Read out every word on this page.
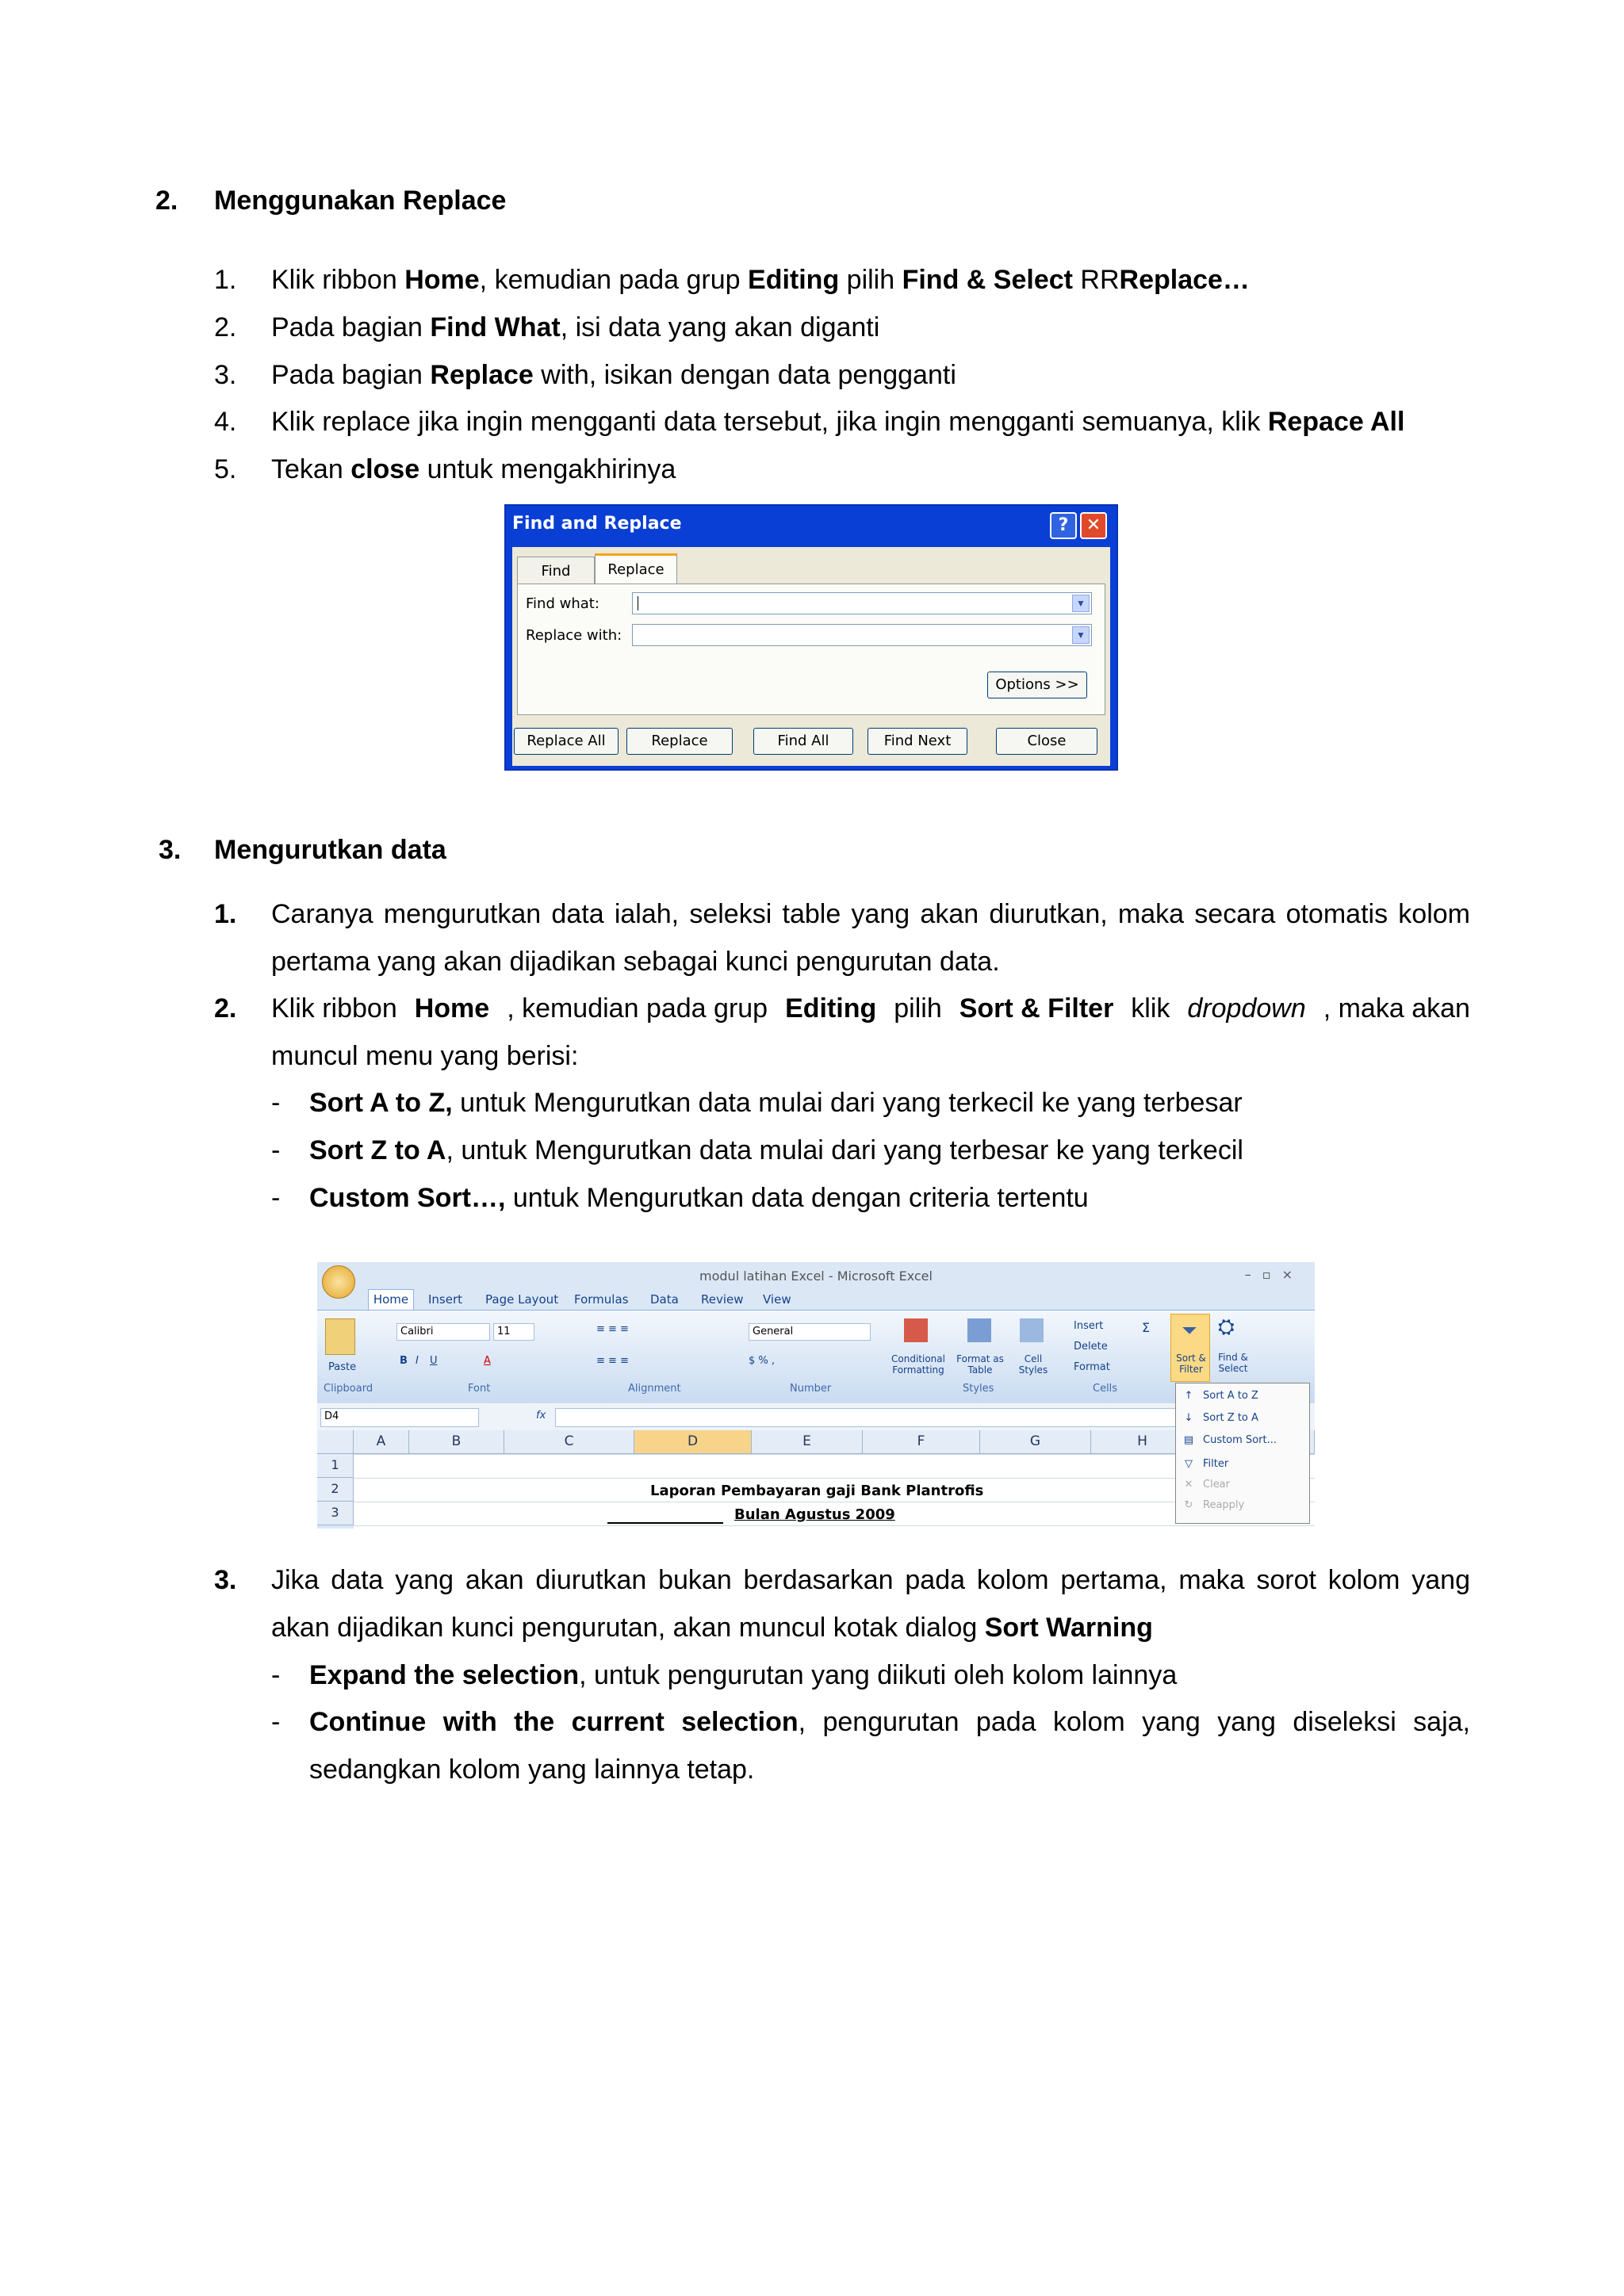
2. Menggunakan Replace
1. Klik ribbon Home, kemudian pada grup Editing pilih Find & Select RRReplace…
2. Pada bagian Find What, isi data yang akan diganti
3. Pada bagian Replace with, isikan dengan data pengganti
4. Klik replace jika ingin mengganti data tersebut, jika ingin mengganti semuanya, klik Repace All
5. Tekan close untuk mengakhirinya
Find and Replace	?	✕
Find	Replace
Find what:	▼
Replace with:	▼
Options >>
Replace All	Replace	Find All	Find Next	Close
3. Mengurutkan data
1. Caranya mengurutkan data ialah, seleksi table yang akan diurutkan, maka secara otomatis kolom
pertama yang akan dijadikan sebagai kunci pengurutan data.
2. Klik ribbon Home , kemudian pada grup Editing pilih Sort & Filter klik dropdown , maka akan
muncul menu yang berisi:
- Sort A to Z, untuk Mengurutkan data mulai dari yang terkecil ke yang terbesar
- Sort Z to A, untuk Mengurutkan data mulai dari yang terbesar ke yang terkecil
- Custom Sort…, untuk Mengurutkan data dengan criteria tertentu
modul latihan Excel - Microsoft Excel	–▫×
Home	Insert Page Layout Formulas Data Review View
Paste
Calibri	11
B I U	A
≡ ≡ ≡
≡ ≡ ≡
General
$ % ,	Conditional Formatting
Format as Table
Cell Styles
Insert
Delete
Format
Σ ⏷
Sort & Filter
⛭
Find & Select
Clipboard	Font	Alignment	Number	Styles	Cells
D4	fx
A	B	C	D	E	F	G	H
1
2
3
Laporan Pembayaran gaji Bank Plantrofis
Bulan Agustus 2009
↑ Sort A to Z
↓ Sort Z to A
▤ Custom Sort...
▽	Filter
✕ Clear
↻ Reapply
3. Jika data yang akan diurutkan bukan berdasarkan pada kolom pertama, maka sorot kolom yang
akan dijadikan kunci pengurutan, akan muncul kotak dialog Sort Warning
- Expand the selection, untuk pengurutan yang diikuti oleh kolom lainnya
- Continue with the current selection , pengurutan pada kolom yang yang diseleksi saja,
sedangkan kolom yang lainnya tetap.
